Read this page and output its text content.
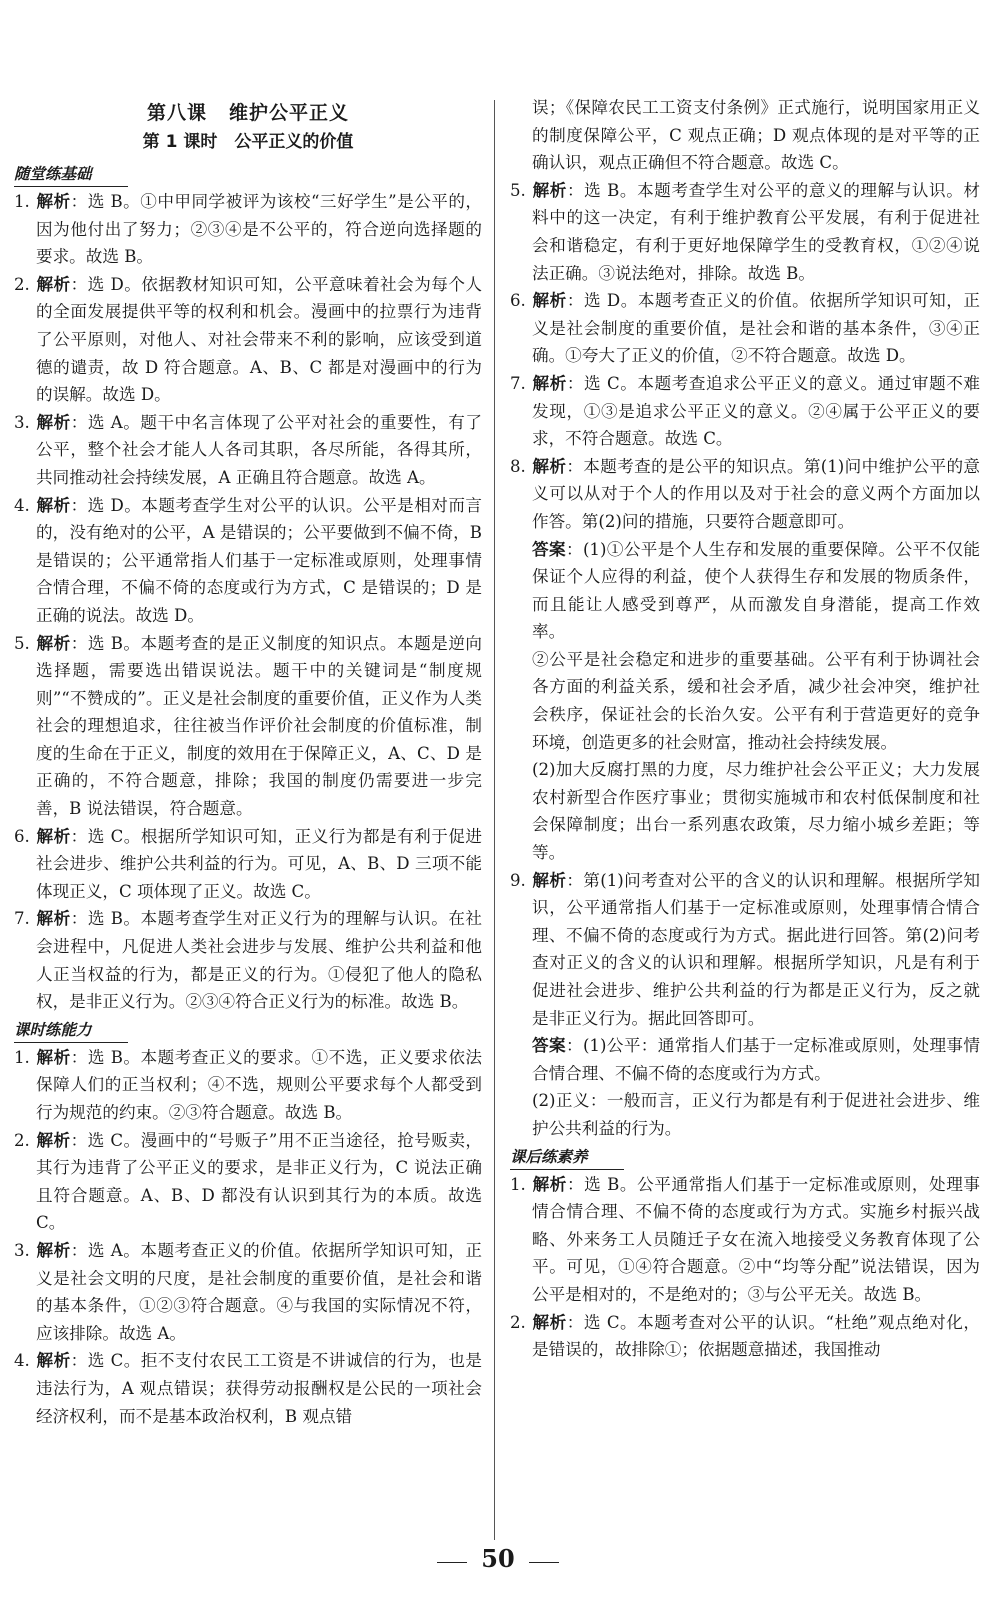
第八课 维护公平正义
第 1 课时　公平正义的价值
随堂练基础

1. 解析：选 B。①中甲同学被评为该校“三好学生”是公平的，因为他付出了努力；②③④是不公平的，符合逆向选择题的要求。故选 B。

2. 解析：选 D。依据教材知识可知，公平意味着社会为每个人的全面发展提供平等的权利和机会。漫画中的拉票行为违背了公平原则，对他人、对社会带来不利的影响，应该受到道德的谴责，故 D 符合题意。A、B、C 都是对漫画中的行为的误解。故选 D。

3. 解析：选 A。题干中名言体现了公平对社会的重要性，有了公平，整个社会才能人人各司其职，各尽所能，各得其所，共同推动社会持续发展，A 正确且符合题意。故选 A。

4. 解析：选 D。本题考查学生对公平的认识。公平是相对而言的，没有绝对的公平，A 是错误的；公平要做到不偏不倚，B 是错误的；公平通常指人们基于一定标准或原则，处理事情合情合理，不偏不倚的态度或行为方式，C 是错误的；D 是正确的说法。故选 D。

5. 解析：选 B。本题考查的是正义制度的知识点。本题是逆向选择题，需要选出错误说法。题干中的关键词是“制度规则”“不赞成的”。正义是社会制度的重要价值，正义作为人类社会的理想追求，往往被当作评价社会制度的价值标准，制度的生命在于正义，制度的效用在于保障正义，A、C、D 是正确的，不符合题意，排除；我国的制度仍需要进一步完善，B 说法错误，符合题意。

6. 解析：选 C。根据所学知识可知，正义行为都是有利于促进社会进步、维护公共利益的行为。可见，A、B、D 三项不能体现正义，C 项体现了正义。故选 C。

7. 解析：选 B。本题考查学生对正义行为的理解与认识。在社会进程中，凡促进人类社会进步与发展、维护公共利益和他人正当权益的行为，都是正义的行为。①侵犯了他人的隐私权，是非正义行为。②③④符合正义行为的标准。故选 B。

课时练能力

1. 解析：选 B。本题考查正义的要求。①不选，正义要求依法保障人们的正当权利；④不选，规则公平要求每个人都受到行为规范的约束。②③符合题意。故选 B。

2. 解析：选 C。漫画中的“号贩子”用不正当途径，抢号贩卖，其行为违背了公平正义的要求，是非正义行为，C 说法正确且符合题意。A、B、D 都没有认识到其行为的本质。故选 C。

3. 解析：选 A。本题考查正义的价值。依据所学知识可知，正义是社会文明的尺度，是社会制度的重要价值，是社会和谐的基本条件，①②③符合题意。④与我国的实际情况不符，应该排除。故选 A。

4. 解析：选 C。拒不支付农民工工资是不讲诚信的行为，也是违法行为，A 观点错误；获得劳动报酬权是公民的一项社会经济权利，而不是基本政治权利，B 观点错

误；《保障农民工工资支付条例》正式施行，说明国家用正义的制度保障公平，C 观点正确；D 观点体现的是对平等的正确认识，观点正确但不符合题意。故选 C。

5. 解析：选 B。本题考查学生对公平的意义的理解与认识。材料中的这一决定，有利于维护教育公平发展，有利于促进社会和谐稳定，有利于更好地保障学生的受教育权，①②④说法正确。③说法绝对，排除。故选 B。

6. 解析：选 D。本题考查正义的价值。依据所学知识可知，正义是社会制度的重要价值，是社会和谐的基本条件，③④正确。①夸大了正义的价值，②不符合题意。故选 D。

7. 解析：选 C。本题考查追求公平正义的意义。通过审题不难发现，①③是追求公平正义的意义。②④属于公平正义的要求，不符合题意。故选 C。

8. 解析：本题考查的是公平的知识点。第(1)问中维护公平的意义可以从对于个人的作用以及对于社会的意义两个方面加以作答。第(2)问的措施，只要符合题意即可。

答案：(1)①公平是个人生存和发展的重要保障。公平不仅能保证个人应得的利益，使个人获得生存和发展的物质条件，而且能让人感受到尊严，从而激发自身潜能，提高工作效率。

②公平是社会稳定和进步的重要基础。公平有利于协调社会各方面的利益关系，缓和社会矛盾，减少社会冲突，维护社会秩序，保证社会的长治久安。公平有利于营造更好的竞争环境，创造更多的社会财富，推动社会持续发展。

(2)加大反腐打黑的力度，尽力维护社会公平正义；大力发展农村新型合作医疗事业；贯彻实施城市和农村低保制度和社会保障制度；出台一系列惠农政策，尽力缩小城乡差距；等等。

9. 解析：第(1)问考查对公平的含义的认识和理解。根据所学知识，公平通常指人们基于一定标准或原则，处理事情合情合理、不偏不倚的态度或行为方式。据此进行回答。第(2)问考查对正义的含义的认识和理解。根据所学知识，凡是有利于促进社会进步、维护公共利益的行为都是正义行为，反之就是非正义行为。据此回答即可。

答案：(1)公平：通常指人们基于一定标准或原则，处理事情合情合理、不偏不倚的态度或行为方式。

(2)正义：一般而言，正义行为都是有利于促进社会进步、维护公共利益的行为。

课后练素养

1. 解析：选 B。公平通常指人们基于一定标准或原则，处理事情合情合理、不偏不倚的态度或行为方式。实施乡村振兴战略、外来务工人员随迁子女在流入地接受义务教育体现了公平。可见，①④符合题意。②中“均等分配”说法错误，因为公平是相对的，不是绝对的；③与公平无关。故选 B。

2. 解析：选 C。本题考查对公平的认识。“杜绝”观点绝对化，是错误的，故排除①；依据题意描述，我国推动

50
